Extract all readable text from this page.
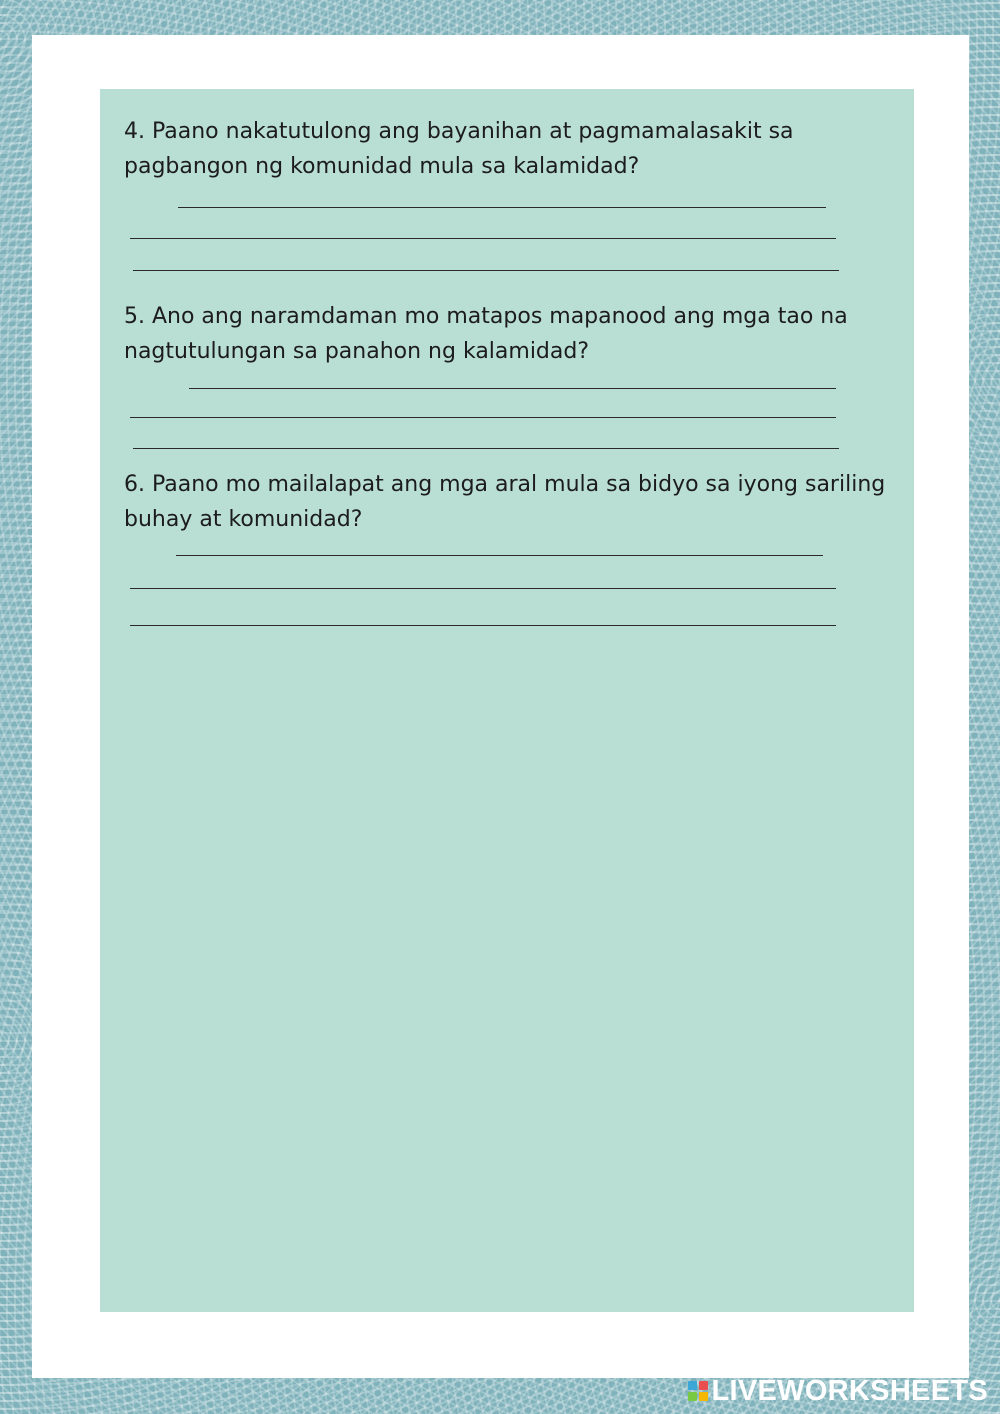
4. Paano nakatutulong ang bayanihan at pagmamalasakit sa pagbangon ng komunidad mula sa kalamidad?

5. Ano ang naramdaman mo matapos mapanood ang mga tao na nagtutulungan sa panahon ng kalamidad?

6. Paano mo mailalapat ang mga aral mula sa bidyo sa iyong sariling buhay at komunidad?

LIVEWORKSHEETS
